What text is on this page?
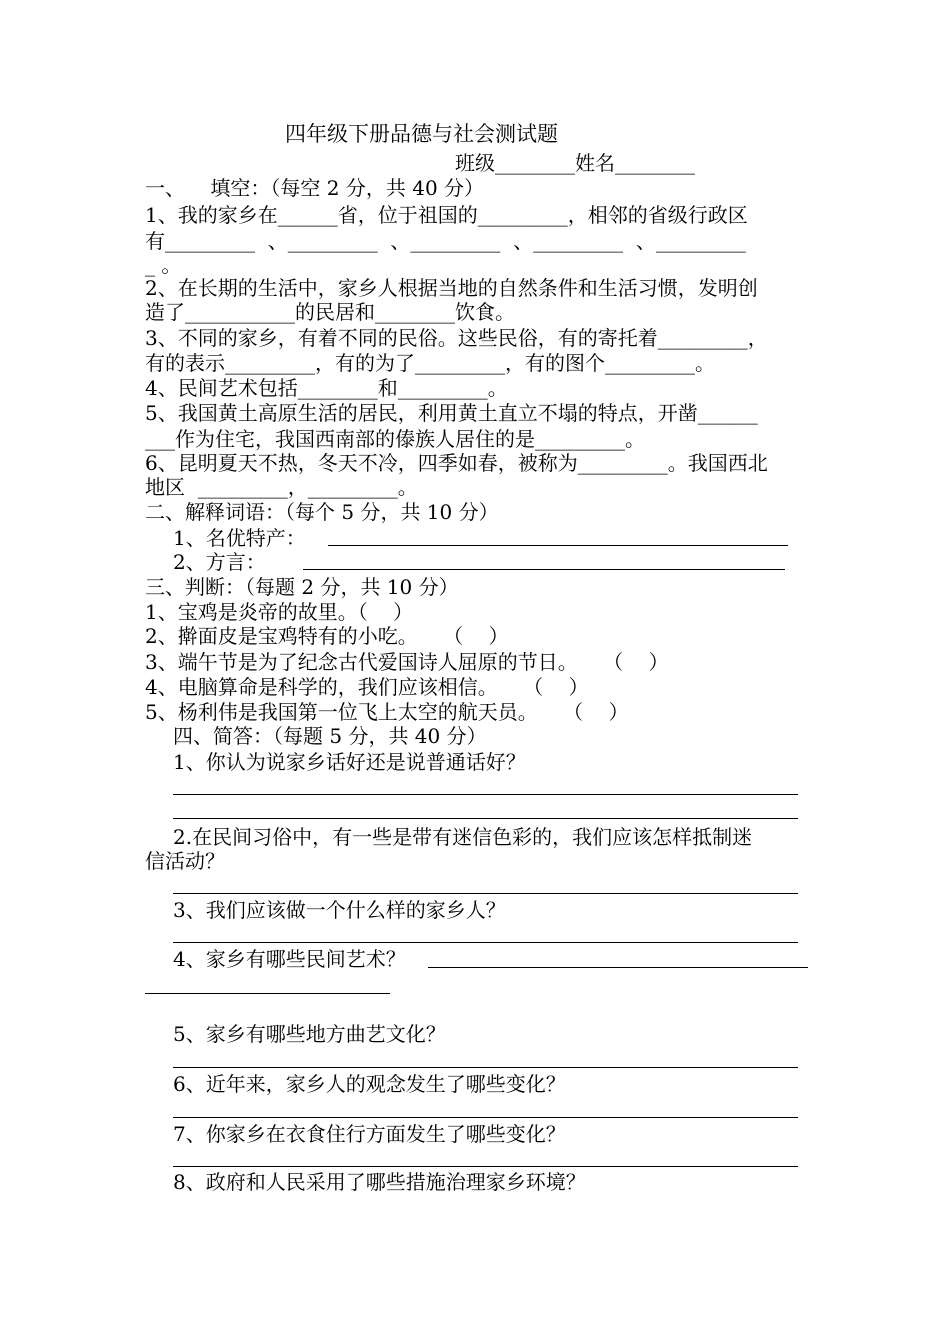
四年级下册品德与社会测试题
班级________姓名________
一、    填空：（每空 2 分，共 40 分）
1、我的家乡在______省，位于祖国的_________，相邻的省级行政区
有_________  、_________  、_________  、_________  、_________
_ 。
2、在长期的生活中，家乡人根据当地的自然条件和生活习惯，发明创
造了___________的民居和________饮食。
3、不同的家乡，有着不同的民俗。这些民俗，有的寄托着_________，
有的表示_________，有的为了_________，有的图个_________。
4、民间艺术包括________和_________。
5、我国黄土高原生活的居民，利用黄土直立不塌的特点，开凿______
___作为住宅，我国西南部的傣族人居住的是_________。
6、昆明夏天不热，冬天不冷，四季如春，被称为_________。我国西北
地区  _________，_________。
二、解释词语：（每个 5 分，共 10 分）
1、名优特产：
2、方言：
三、判断：（每题 2 分，共 10 分）
1、宝鸡是炎帝的故里。（    ）
2、擀面皮是宝鸡特有的小吃。    （    ）
3、端午节是为了纪念古代爱国诗人屈原的节日。    （    ）
4、电脑算命是科学的，我们应该相信。    （    ）
5、杨利伟是我国第一位飞上太空的航天员。    （    ）
四、简答：（每题 5 分，共 40 分）
1、你认为说家乡话好还是说普通话好？
2.在民间习俗中，有一些是带有迷信色彩的，我们应该怎样抵制迷
信活动？
3、我们应该做一个什么样的家乡人？
4、家乡有哪些民间艺术？
5、家乡有哪些地方曲艺文化？
6、近年来，家乡人的观念发生了哪些变化？
7、你家乡在衣食住行方面发生了哪些变化？
8、政府和人民采用了哪些措施治理家乡环境？
